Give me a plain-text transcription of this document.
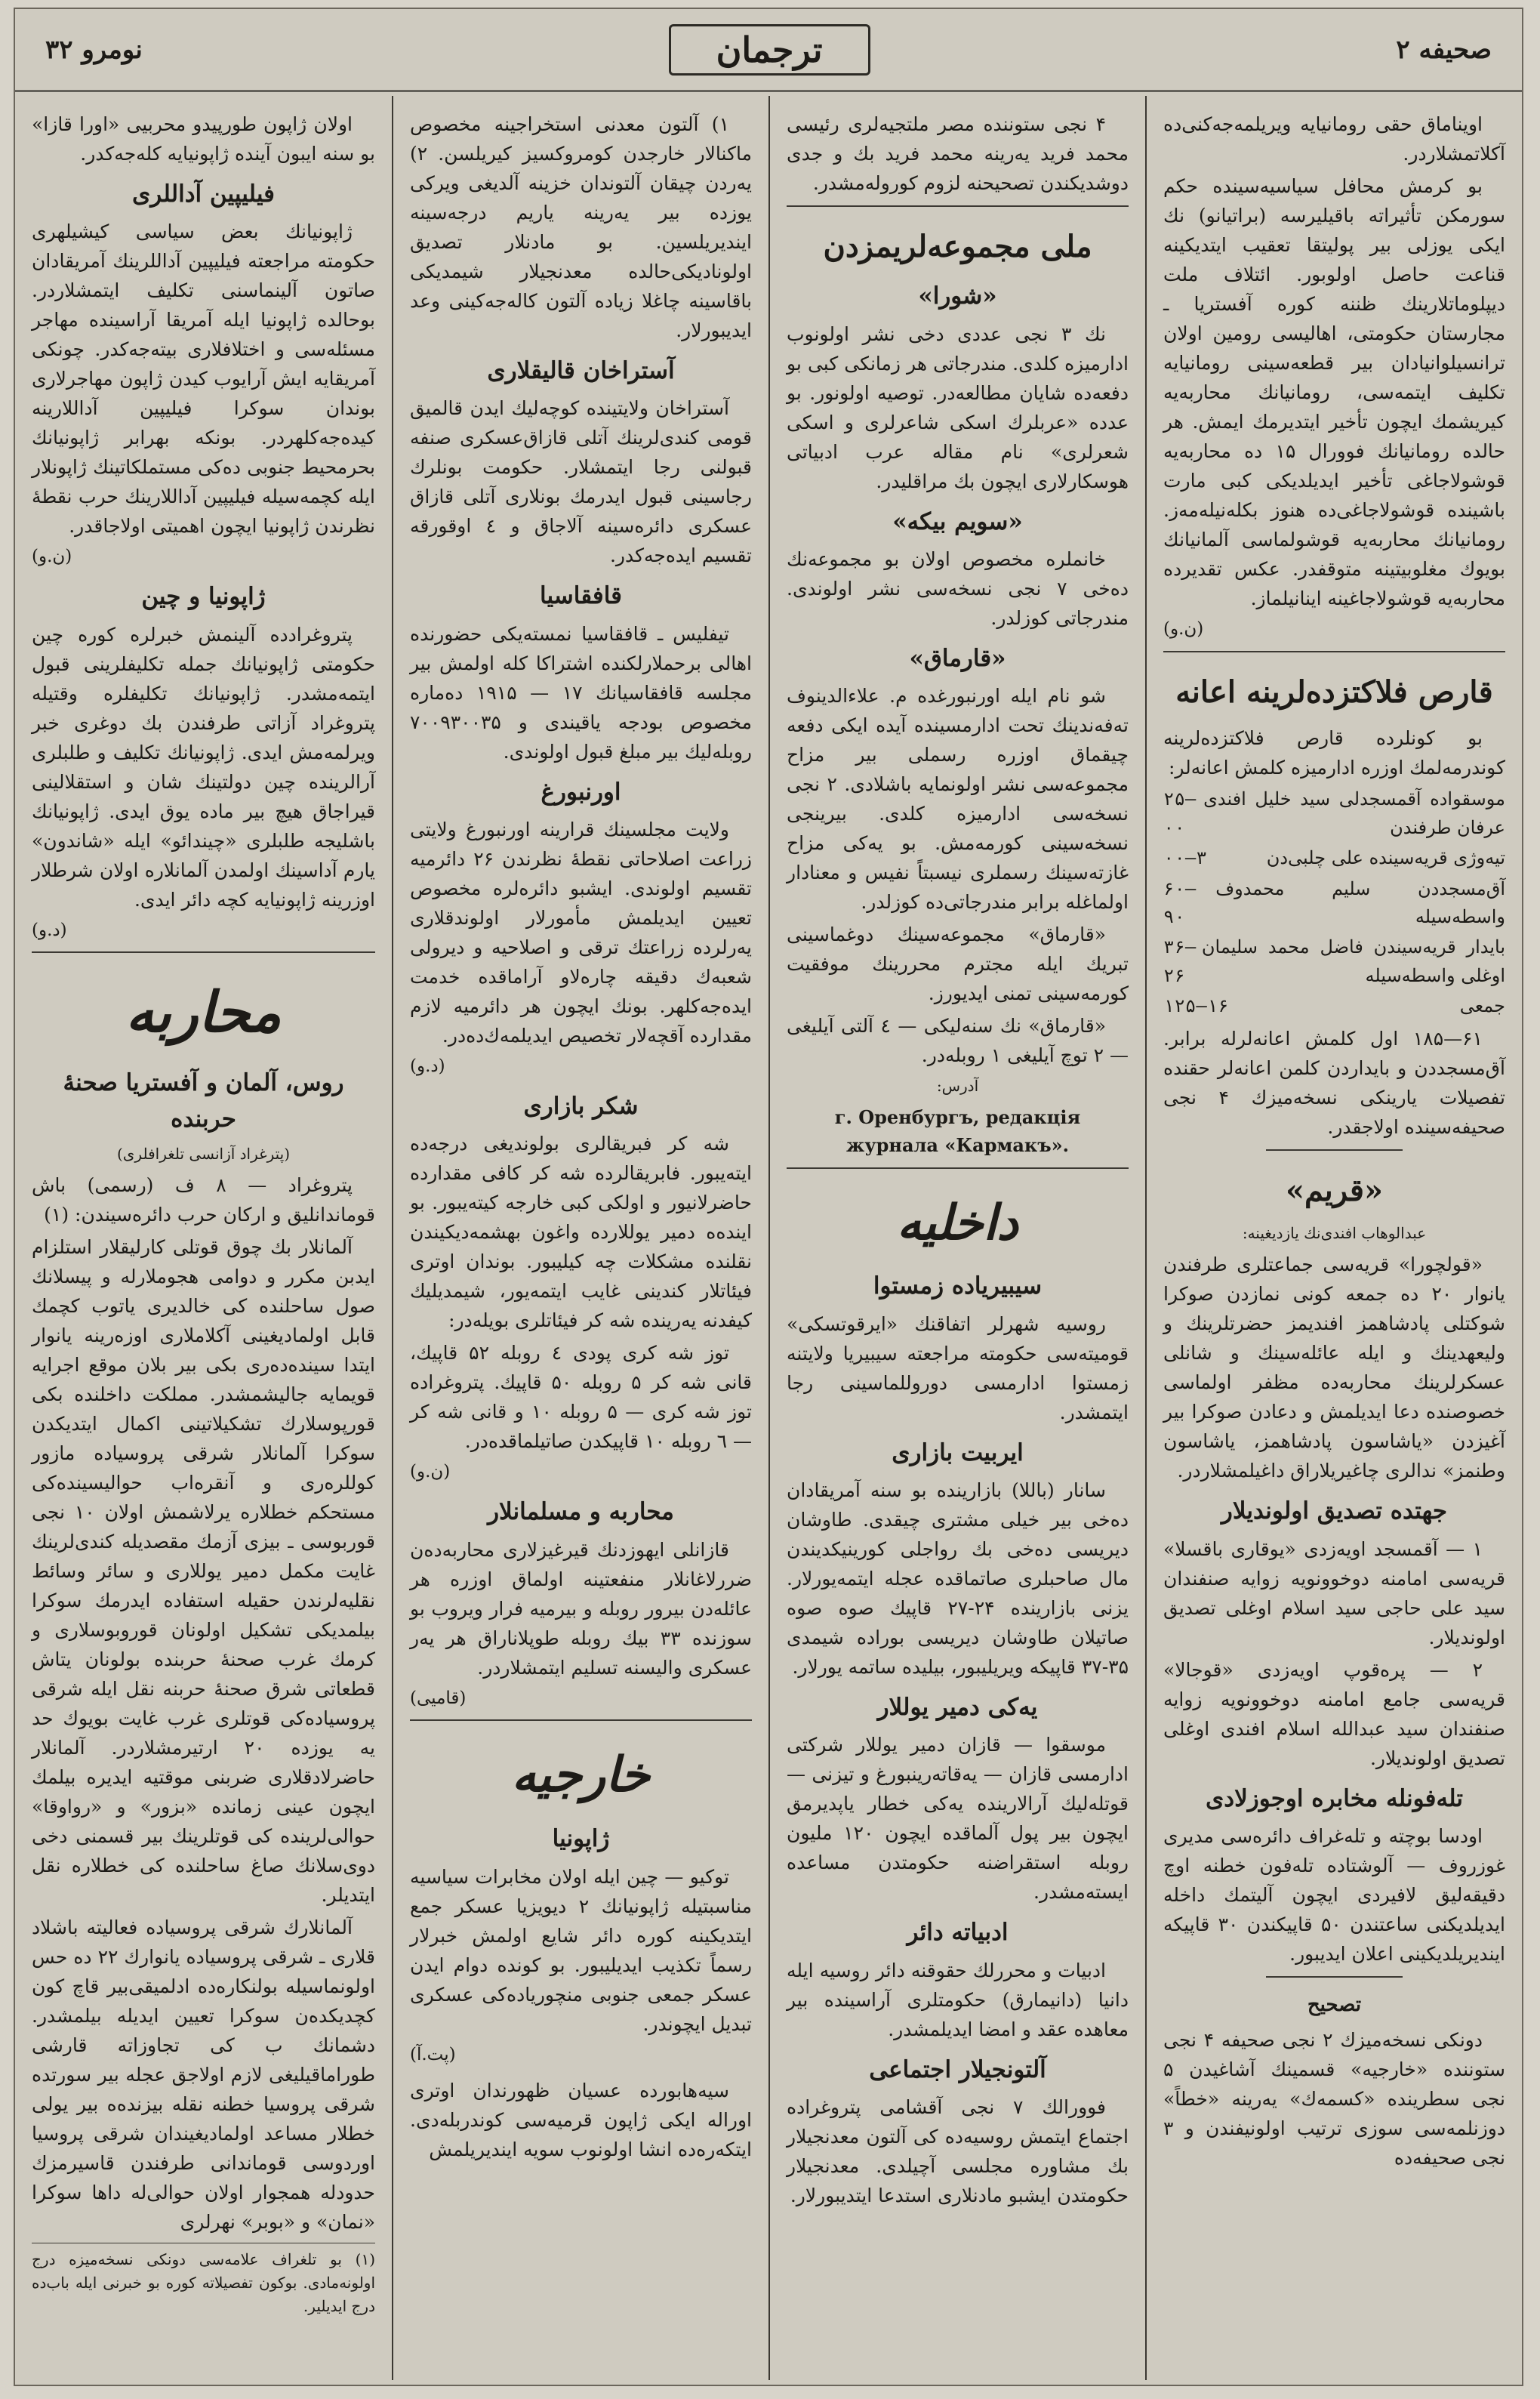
صحیفه ۲
ترجمان
نومرو ۳۲

اویناماق حقی رومانیایه ویریلمه‌جه‌کنی‌ده آکلا‌تمشلاردر.

بو کرمش محافل سیاسیه‌سینده حکم سورمکن تأثیراته باقیلیرسه (براتیانو) نك ایکی یوزلی بیر پولیتقا تعقیب ایتدیکینه قناعت حاصل اولوبور. ائتلاف ملت دیپلوماتلارینك ظننه کوره آفستریا ـ مجارستان حکومتی، اهالیسی رومین اولان ترانسیلوانیادان بیر قطعه‌سینی رومانیایه تکلیف ایتمه‌سی، رومانیانك محاربه‌یه کیریشمك ایچون تأخیر ایتدیرمك ایمش. هر حالده رومانیانك فوورال ۱۵ ده محاربه‌یه قوشولاجاغی تأخیر ایدیلدیکی کبی مارت باشینده قوشولاجاغی‌ده هنوز بکله‌نیله‌مه‌ز. رومانیانك محاربه‌یه قوشولماسی آلمانیانك بویوك مغلوبیتینه متوقفدر. عکس تقدیرده محاربه‌یه قوشولاجاغینه اینانیلماز.

(ن.و)
قارص فلاکتزده‌لرینه اعانه

بو کونلرده قارص فلاکتزده‌لرینه کوندرمه‌لمك اوزره ادارمیزه کلمش اعانه‌لر:

موسقواده آقمسجدلی سید خلیل افندی عرفان طرفندن
۲۵—۰۰
تیه‌وژی قریه‌سینده علی چلبی‌دن
۰۰—۳
آق‌مسجددن سلیم محمدوف واسطه‌سیله
۶۰—۹۰
بایدار قریه‌سیندن فاضل محمد سلیمان اوغلی واسطه‌سیله
۳۶—۲۶
جمعی
۱۲۵—۱۶

۶۱—۱۸۵ اول کلمش اعانه‌لرله برابر. آق‌مسجددن و بایداردن کلمن اعانه‌لر حقنده تفصیلات یارینکی نسخه‌میزك ۴ نجی صحیفه‌سینده اولاجقدر.

«قریم»
عبدالوهاب افندی‌نك یازدیغینه:

«قولچورا» قریه‌سی جماعتلری طرفندن یانوار ۲۰ ده جمعه کونی نمازدن صوکرا شوکتلی پادشاهمز افندیمز حضرتلرینك و ولیعهدینك و ایله عائله‌سینك و شانلی عسکرلرینك محاربه‌ده مظفر اولماسی خصوصنده دعا ایدیلمش و دعادن صوکرا بیر آغیزدن «یاشاسون پادشاهمز، یاشاسون وطنمز» ندالری چاغیریلاراق داغیلمشلاردر.

جهتده تصدیق اولوندیلار

۱ — آقمسجد اویه‌زدی «یوقاری باقسلا» قریه‌سی امامنه دوخوونویه زوایه صنفندان سید علی حاجی سید اسلام اوغلی تصدیق اولوندیلار.

۲ — پره‌قوپ اویه‌زدی «قوجالا» قریه‌سی جامع امامنه دوخوونویه زوایه صنفندان سید عبدالله اسلام افندی اوغلی تصدیق اولوندیلار.

تله‌فونله مخابره اوجوزلادی

اودسا بوچته و تله‌غراف دائره‌سی مدیری غوزروف — آلوشتاده تله‌فون خطنه اوچ دقیقه‌لیق لافیردی ایچون آلیتمك داخله ایدیلدیکنی ساعتندن ۵۰ قاپیکندن ۳۰ قاپیکه ایندیریلدیکینی اعلان ایدیبور.

تصحیح

دونکی نسخه‌میزك ۲ نجی صحیفه ۴ نجی ستوننده «خارجیه» قسمینك آشاغیدن ۵ نجی سطرینده «کسمه‌ك» یه‌رینه «خطاً» دوزنلمه‌سی سوزی ترتیب اولونیفندن و ۳ نجی صحیفه‌ده

۴ نجی ستوننده مصر ملتجیه‌لری رئیسی محمد فرید یه‌رینه محمد فرید بك و جدی دوشدیکندن تصحیحنه لزوم کوروله‌مشدر.

ملی مجموعه‌لریمزدن
«شورا»

نك ۳ نجی عددی دخی نشر اولونوب ادارمیزه کلدی. مندرجاتی هر زمانکی کبی بو دفعه‌ده شایان مطالعه‌در. توصیه اولونور. بو عدده «عربلرك اسکی شاعرلری و اسکی شعرلری» نام مقاله عرب ادبیاتی هوسکارلاری ایچون بك مراقلیدر.

«سویم بیکه»

خانملره مخصوص اولان بو مجموعه‌نك ده‌خی ۷ نجی نسخه‌سی نشر اولوندی. مندرجاتی کوزلدر.

«قارماق»

شو نام ایله اورنبورغده م. علاءالدینوف ته‌فه‌ندینك تحت ادارمسینده آیده ایکی دفعه چیقماق اوزره رسملی بیر مزاح مجموعه‌سی نشر اولونمایه باشلادی. ۲ نجی نسخه‌سی ادارمیزه کلدی. بیرینجی نسخه‌سینی کورمه‌مش. بو یه‌کی مزاح غازته‌سینك رسملری نیسبتاً نفیس و معنادار اولماغله برابر مندرجاتی‌ده کوزلدر.

«قارماق» مجموعه‌سینك دوغماسینی تبریك ایله مجترم محررینك موفقیت کورمه‌سینی تمنی ایدیورز.

«قارماق» نك سنه‌لیکی — ٤ آلتی آیلیغی — ۲ توچ آیلیغی ۱ روبله‌در.

آدرس:
г. Оренбургъ, редакцiя журнала «Кармакъ».
داخلیه
سیبیریاده زمستوا

روسیه شهرلر اتفاقنك «ایرقوتسکی» قومیته‌سی حکومته مراجعته سیبیریا ولایتنه زمستوا ادارمسی دوروللماسینی رجا ایتمشدر.

ایربیت بازاری

سانار (باللا) بازارینده بو سنه آمریقادان ده‌خی بیر خیلی مشتری چیقدی. طاوشان دیریسی ده‌خی بك رواجلی کورینیکدیندن مال صاحبلری صاتماقده عجله ایتمه‌یورلار. یزنی بازارینده ۲۴-۲۷ قاپیك صوه صوه صاتیلان طاوشان دیریسی بوراده شیمدی ۳۵-۳۷ قاپیکه ویریلیبور، بیلیده ساتمه یورلار.

یه‌کی دمیر یوللار

موسقوا — قازان دمیر یوللار شرکتی ادارمسی قازان — یه‌قاته‌رینبورغ و تیزنی — قوتله‌لیك آرالارینده یه‌کی خطار یاپدیرمق ایچون بیر پول آلماقده ایچون ۱۲۰ ملیون روبله استقراضنه حکومتدن مساعده ایسته‌مشدر.

ادبیاته دائر

ادبیات و محررلك حقوقنه دائر روسیه ایله دانیا (دانیمارق) حکومتلری آراسینده بیر معاهده عقد و امضا ایدیلمشدر.

آلتونجیلار اجتماعی

فوورالك ۷ نجی آقشامی پتروغراده اجتماع ایتمش روسیه‌ده کی آلتون معدنجیلار بك مشاوره مجلسی آچیلدی. معدنجیلار حکومتدن ایشبو مادنلاری استدعا ایتدیبورلار.

۱) آلتون معدنی استخراجینه مخصوص ماکنالار خارجدن کومروکسیز کیریلسن. ۲) یه‌ردن چیقان آلتوندان خزینه آلدیغی ویرکی یوزده بیر یه‌رینه یاریم درجه‌سینه ایندیریلسین. بو مادنلار تصدیق اولونادیکی‌حالده معدنجیلار شیمدیکی باقاسینه چاغلا زیاده آلتون کاله‌جه‌کینی وعد ایدیبورلار.

آستراخان قالیقلاری

آستراخان ولایتینده کوچه‌لیك ایدن قالمیق قومی کندی‌لرینك آتلی قازاق‌عسکری صنفه قبولنی رجا ایتمشلار. حکومت بونلرك رجاسینی قبول ایدرمك بونلاری آتلی قازاق عسکری دائره‌سینه آلاجاق و ٤ اوقورقه تقسیم ایده‌جه‌کدر.

قافقاسیا

تیفلیس ـ قافقاسیا نمسته‌یکی حضورنده اهالی برحملارلکنده اشتراکا کله اولمش بیر مجلسه قافقاسیانك ۱۷ — ۱۹۱۵ ده‌ماره مخصوص بودجه یاقیندی و ٧٠٠٩٣٠٠٣۵ روبله‌لیك بیر مبلغ قبول اولوندی.

اورنبورغ

ولایت مجلسینك قرارینه اورنبورغ ولایتی زراعت اصلاحاتی نقطهٔ نظرندن ۲۶ دائرمیه تقسیم اولوندی. ایشبو دائره‌لره مخصوص تعیین ایدیلمش مأمورلار اولوندقلاری یه‌رلرده زراعتك ترقی و اصلاحیه و دیرولی شعبه‌ك دقیقه چاره‌لاو آراماقده خدمت ایده‌جه‌کلهر. بونك ایچون هر دائرمیه لازم مقدارده آقچه‌لار تخصیص ایدیلمه‌ك‌ده‌در.

(د.و)
شکر بازاری

شه کر فبریقالری بولوندیغی درجه‌ده ایته‌یبور. فابریقالرده شه کر کافی مقدارده حاضرلانیور و اولکی کبی خارجه کیته‌یبور. بو اینده‌ه دمیر یوللارده واغون بهشمه‌دیکیندن نقلنده مشکلات چه کیلیبور. بوندان اوتری فیئاتلار کندینی غایب ایتمه‌یور، شیمدیلیك کیفدنه یه‌رینده شه کر فیئاتلری بویله‌در:

توز شه کری پودی ٤ روبله ۵۲ قاپیك، قانی شه کر ۵ روبله ۵۰ قاپیك. پتروغراده توز شه کری — ۵ روبله ۱۰ و قانی شه کر — ٦ روبله ۱۰ قاپیکدن صاتیلماقده‌در.

(ن.و)
محاربه و مسلمانلار

قازانلی ایهوزدنك قیرغیزلاری محاربه‌ده‌ن ضررلاغانلار منفعتینه اولماق اوزره هر عائله‌دن بیرور روبله و بیرمیه فرار ویروب بو سوزنده ۳۳ بیك روبله طوپلاناراق هر یه‌ر عسکری والیسنه تسلیم ایتمشلاردر.

(قامیی)
خارجیه
ژاپونیا

توکیو — چین ایله اولان مخابرات سیاسیه مناسبتیله ژاپونیانك ۲ دیویزیا عسکر جمع ایتدیکینه کوره دائر شایع اولمش خبرلار رسماً تکذیب ایدیلیبور. بو کونده دوام ایدن عسکر جمعی جنوبی منچوریاده‌کی عسکری تبدیل ایچوندر.

(پت.آ)

سیه‌هابورده عسیان ظهورندان اوتری اوراله ایکی ژاپون قرمیه‌سی کوندربله‌دی. ایتکه‌ره‌ده انشا اولونوب سویه ایندیریلمش

اولان ژاپون طورپیدو محربیی «اورا قازا» بو سنه ایبون آینده ژاپونیایه کله‌جه‌کدر.

فیلیپین آداللری

ژاپونیانك بعض سیاسی کیشیلهری حکومته مراجعته فیلیپین آداللرینك آمریقادان صاتون آلینماسنی تکلیف ایتمشلاردر. بوحالده ژاپونیا ایله آمریقا آراسینده مهاجر مسئله‌سی و اختلافلاری بیته‌جه‌کدر. چونکی آمریقایه ایش آرایوب کیدن ژاپون مهاجرلاری بوندان سوکرا فیلیپین آداللارینه کیده‌جه‌کلهردر. بونکه بهرابر ژاپونیانك بحرمحیط جنوبی ده‌کی مستملکاتینك ژاپونلار ایله کچمه‌سیله فیلیپین آداللارینك حرب نقطهٔ نظرندن ژاپونیا ایچون اهمیتی اولاجاقدر.

(ن.و)
ژاپونیا و چین

پتروغرادده آلینمش خبرلره کوره چین حکومتی ژاپونیانك جمله تکلیفلرینی قبول ایتمه‌مشدر. ژاپونیانك تکلیفلره وقتیله پتروغراد آزاتی طرفندن بك دوغری خبر ویرلمه‌مش ایدی. ژاپونیانك تکلیف و طلبلری آرالرینده چین دولتینك شان و استقلالینی قیراجاق هیچ بیر ماده یوق ایدی. ژاپونیانك باشلیجه طلبلری «چیندائو» ایله «شاندون» یارم آداسینك اولمدن آلمانلاره اولان شرطلار اوزرینه ژاپونیایه کچه دائر ایدی.

(د.و)
محاربه
روس، آلمان و آفستریا صحنهٔ حربنده
(پترغراد آزانسی تلغرافلری)

پتروغراد — ۸ ف (رسمی) باش قوماندانلیق و ارکان حرب دائره‌سیندن: (۱)

آلمانلار بك چوق قوتلی کارلیقلار استلزام ایدبن مکرر و دوامی هجوملارله و پیسلانك صول ساحلنده کی خالدیری یاتوب کچمك قابل اولمادیغینی آکلاملاری اوزه‌رینه یانوار ایتدا سینده‌ده‌ری بکی بیر بلان موقع اجرایه قویمایه جالیشمشدر. مملکت داخلنده بکی قورپوسلارك تشکیلاتینی اکمال ایتدیکدن سوکرا آلمانلار شرقی پروسیاده مازور کوللره‌ری و آنقره‌اب حوالیسینده‌کی مستحکم خطلاره یرلاشمش اولان ۱۰ نجی قوربوسی ـ بیزی آزمك مقصدیله کندی‌لرینك غایت مکمل دمیر یوللاری و سائر وسائط نقلیه‌لرندن حقیله استفاده ایدرمك سوکرا بیلمدیکی تشکیل اولونان قوروبوسلاری و کرمك غرب صحنهٔ حربنده بولونان یتاش قطعاتی شرق صحنهٔ حربنه نقل ایله شرقی پروسیاده‌کی قوتلری غرب غایت بویوك حد یه یوزده ۲۰ ارتیرمشلاردر. آلمانلار حاضرلادقلاری ضربنی موقتیه ایدیره بیلمك ایچون عینی زمانده «بزور» و «رواوقا» حوالی‌لرینده‌ کی قوتلرینك بیر قسمنی دخی دوی‌سلانك صاغ ساحلنده کی خطلاره نقل ایتدیلر.

آلمانلارك شرقی پروسیاده فعالیته باشلاد قلاری ـ شرقی پروسیاده یانوارك ۲۲ ده حس اولونماسیله بولنکاره‌ده ادلمیقی‌بیر قاچ کون کچدیکده‌ن سوکرا تعیین ایدیله بیلمشدر. دشمانك ب کی تجاوزاته قارشی طوراماقیلیغی لازم اولاجق عجله بیر سورتده شرقی پروسیا خطنه نقله بیزنده‌ه بیر یولی خطلار مساعد اولمادیغیندان شرقی پروسیا اوردوسی قوماندانی طرفندن قاسیرمزك حدودله همجوار اولان حوالی‌له داها سوکرا «نمان» و «بوبر» نهرلری

(۱) بو تلغراف علامه‌سی دونکی نسخه‌میزه درج اولونه‌مادی. بوکون تفصیلاته کوره بو خبرنی ایله باب‌ده درج ایدیلیر.
